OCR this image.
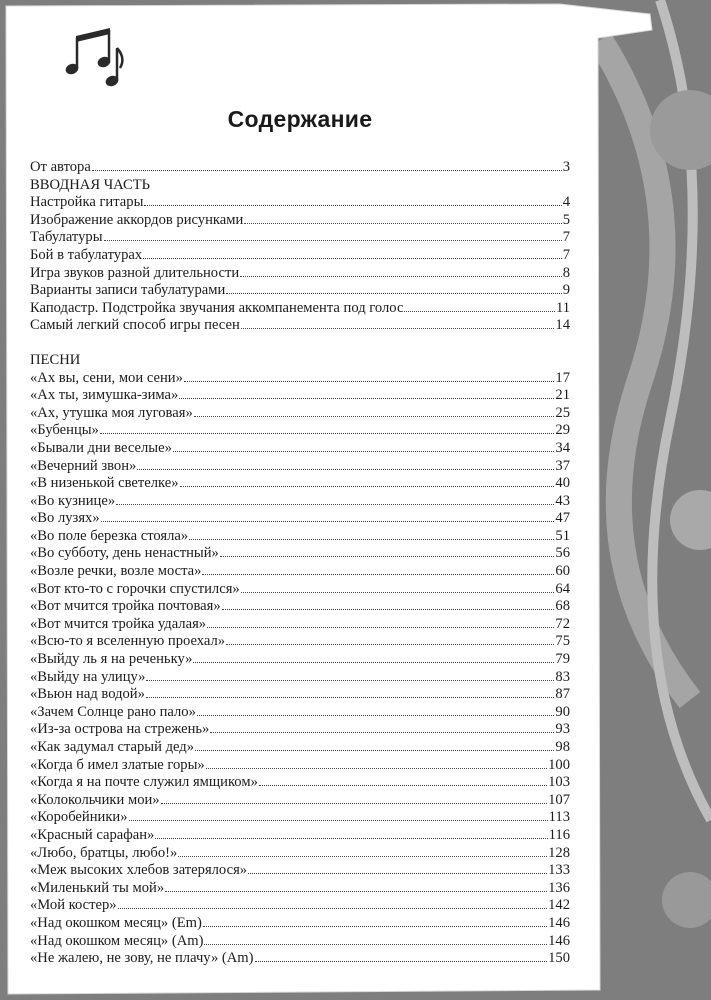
Содержание
От автора	3
ВВОДНАЯ ЧАСТЬ
Настройка гитары	4
Изображение аккордов рисунками	5
Табулатуры	7
Бой в табулатурах	7
Игра звуков разной длительности	8
Варианты записи табулатурами	9
Каподастр. Подстройка звучания аккомпанемента под голос	11
Самый легкий способ игры песен	14
ПЕСНИ
«Ах вы, сени, мои сени»	17
«Ах ты, зимушка-зима»	21
«Ах, утушка моя луговая»	25
«Бубенцы»	29
«Бывали дни веселые»	34
«Вечерний звон»	37
«В низенькой светелке»	40
«Во кузнице»	43
«Во лузях»	47
«Во поле березка стояла»	51
«Во субботу, день ненастный»	56
«Возле речки, возле моста»	60
«Вот кто-то с горочки спустился»	64
«Вот мчится тройка почтовая»	68
«Вот мчится тройка удалая»	72
«Всю-то я вселенную проехал»	75
«Выйду ль я на реченьку»	79
«Выйду на улицу»	83
«Вьюн над водой»	87
«Зачем Солнце рано пало»	90
«Из-за острова на стрежень»	93
«Как задумал старый дед»	98
«Когда б имел златые горы»	100
«Когда я на почте служил ямщиком»	103
«Колокольчики мои»	107
«Коробейники»	113
«Красный сарафан»	116
«Любо, братцы, любо!»	128
«Меж высоких хлебов затерялося»	133
«Миленький ты мой»	136
«Мой костер»	142
«Над окошком месяц» (Em)	146
«Над окошком месяц» (Am)	146
«Не жалею, не зову, не плачу» (Am)	150
